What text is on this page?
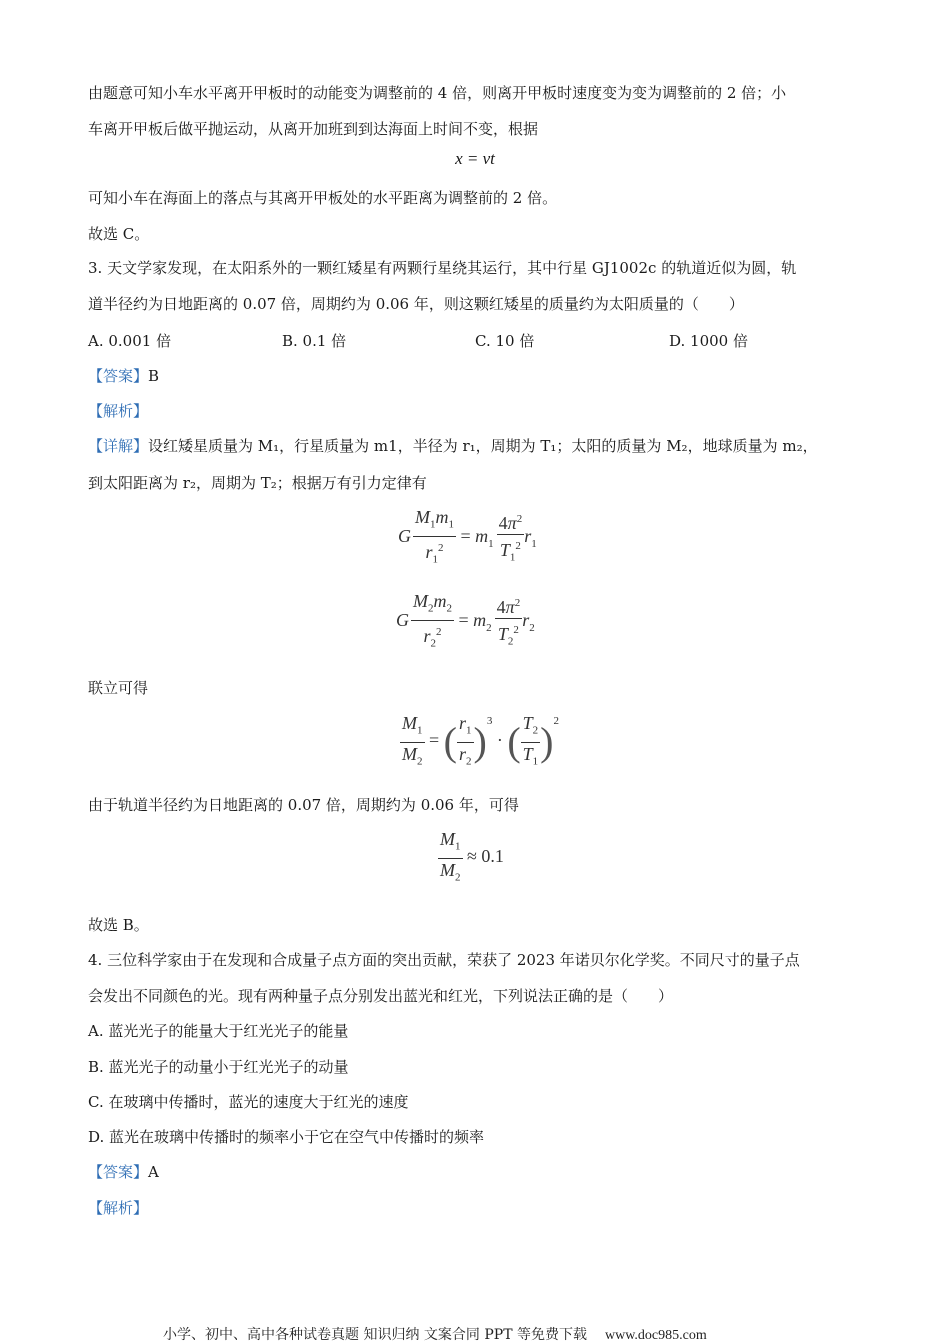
由题意可知小车水平离开甲板时的动能变为调整前的 4 倍，则离开甲板时速度变为变为调整前的 2 倍；小
车离开甲板后做平抛运动，从离开加班到到达海面上时间不变，根据
x = vt
可知小车在海面上的落点与其离开甲板处的水平距离为调整前的 2 倍。
故选 C。
3. 天文学家发现，在太阳系外的一颗红矮星有两颗行星绕其运行，其中行星 GJ1002c 的轨道近似为圆，轨
道半径约为日地距离的 0.07 倍，周期约为 0.06 年，则这颗红矮星的质量约为太阳质量的（　　）
A. 0.001 倍	B. 0.1 倍	C. 10 倍	D. 1000 倍
【答案】B
【解析】
【详解】设红矮星质量为 M₁，行星质量为 m1，半径为 r₁，周期为 T₁；太阳的质量为 M₂，地球质量为 m₂，
到太阳距离为 r₂，周期为 T₂；根据万有引力定律有
G $\frac{M_1m_1}{r_1^2} = m_1 \frac{4\pi^2}{T_1^2} r_1$
G $\frac{M_2m_2}{r_2^2} = m_2 \frac{4\pi^2}{T_2^2} r_2$
联立可得
$\frac{M_1}{M_2}$ = ( $\frac{r_1}{r_2} )^3$ · ( $\frac{T_2}{T_1} )^2$
由于轨道半径约为日地距离的 0.07 倍，周期约为 0.06 年，可得
$\frac{M_1}{M_2} \approx 0.1$
故选 B。
4. 三位科学家由于在发现和合成量子点方面的突出贡献，荣获了 2023 年诺贝尔化学奖。不同尺寸的量子点
会发出不同颜色的光。现有两种量子点分别发出蓝光和红光，下列说法正确的是（　　）
A. 蓝光光子的能量大于红光光子的能量
B. 蓝光光子的动量小于红光光子的动量
C. 在玻璃中传播时，蓝光的速度大于红光的速度
D. 蓝光在玻璃中传播时的频率小于它在空气中传播时的频率
【答案】A
【解析】
小学、初中、高中各种试卷真题 知识归纳 文案合同 PPT 等免费下载 www.doc985.com
